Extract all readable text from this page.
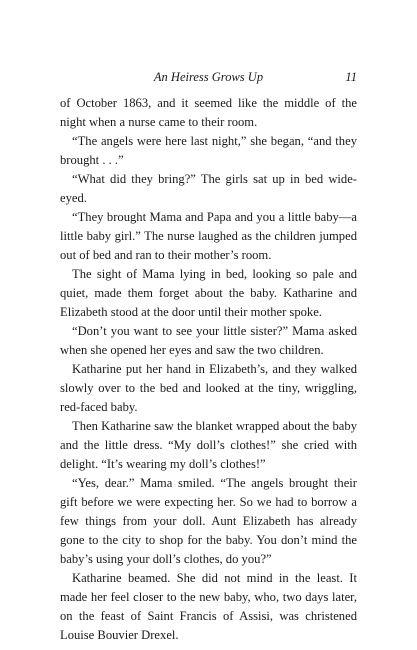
An Heiress Grows Up	11

of October 1863, and it seemed like the middle of the night when a nurse came to their room.

“The angels were here last night,” she began, “and they brought . . .”

“What did they bring?” The girls sat up in bed wide-eyed.

“They brought Mama and Papa and you a little baby—a little baby girl.” The nurse laughed as the children jumped out of bed and ran to their mother’s room.

The sight of Mama lying in bed, looking so pale and quiet, made them forget about the baby. Katharine and Elizabeth stood at the door until their mother spoke.

“Don’t you want to see your little sister?” Mama asked when she opened her eyes and saw the two children.

Katharine put her hand in Elizabeth’s, and they walked slowly over to the bed and looked at the tiny, wriggling, red-faced baby.

Then Katharine saw the blanket wrapped about the baby and the little dress. “My doll’s clothes!” she cried with delight. “It’s wearing my doll’s clothes!”

“Yes, dear.” Mama smiled. “The angels brought their gift before we were expecting her. So we had to borrow a few things from your doll. Aunt Elizabeth has already gone to the city to shop for the baby. You don’t mind the baby’s using your doll’s clothes, do you?”

Katharine beamed. She did not mind in the least. It made her feel closer to the new baby, who, two days later, on the feast of Saint Francis of Assisi, was christened Louise Bouvier Drexel.
